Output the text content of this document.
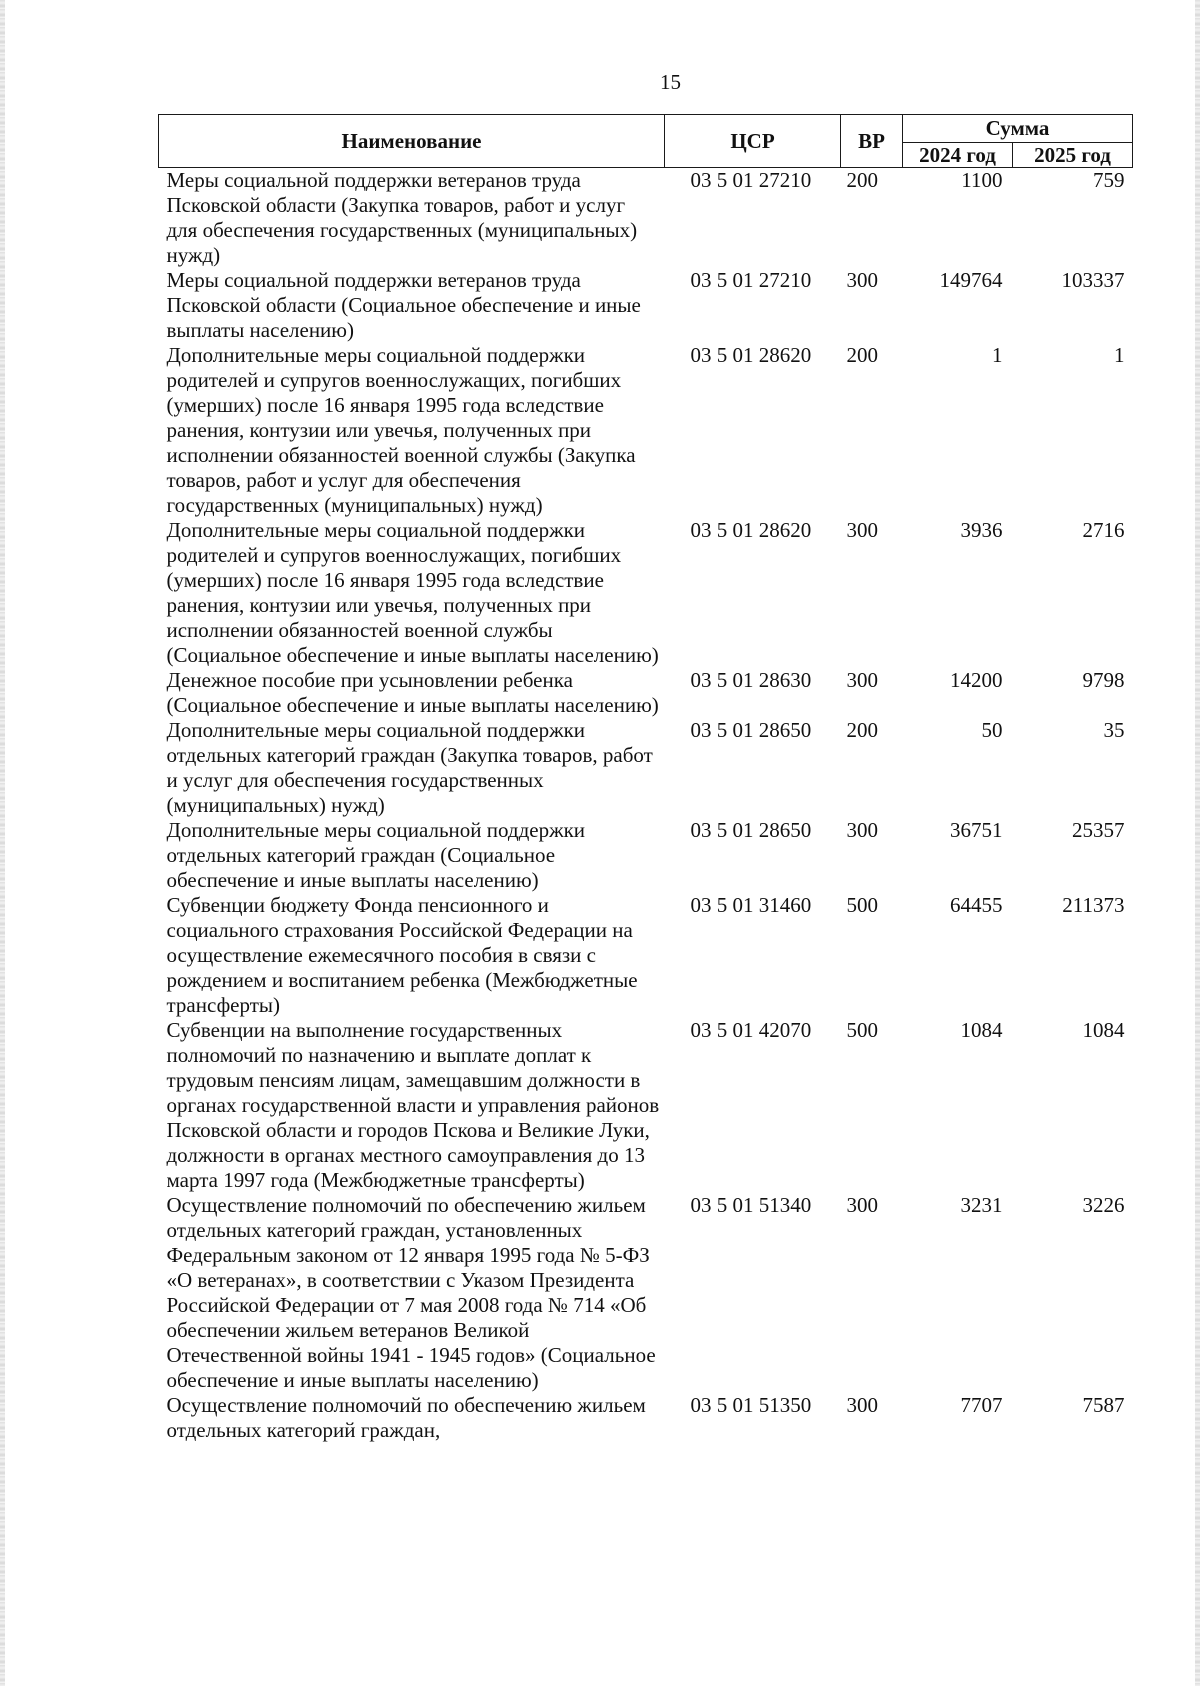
15
Наименование	ЦСР	ВР	Сумма	
			2024 год	2025 год
Меры социальной поддержки ветеранов труда Псковской области (Закупка товаров, работ и услуг для обеспечения государственных (муниципальных) нужд)	03 5 01 27210	200	1100	759
Меры социальной поддержки ветеранов труда Псковской области (Социальное обеспечение и иные выплаты населению)	03 5 01 27210	300	149764	103337
Дополнительные меры социальной поддержки родителей и супругов военнослужащих, погибших (умерших) после 16 января 1995 года вследствие ранения, контузии или увечья, полученных при исполнении обязанностей военной службы (Закупка товаров, работ и услуг для обеспечения государственных (муниципальных) нужд)	03 5 01 28620	200	1	1
Дополнительные меры социальной поддержки родителей и супругов военнослужащих, погибших (умерших) после 16 января 1995 года вследствие ранения, контузии или увечья, полученных при исполнении обязанностей военной службы (Социальное обеспечение и иные выплаты населению)	03 5 01 28620	300	3936	2716
Денежное пособие при усыновлении ребенка (Социальное обеспечение и иные выплаты населению)	03 5 01 28630	300	14200	9798
Дополнительные меры социальной поддержки отдельных категорий граждан (Закупка товаров, работ и услуг для обеспечения государственных (муниципальных) нужд)	03 5 01 28650	200	50	35
Дополнительные меры социальной поддержки отдельных категорий граждан (Социальное обеспечение и иные выплаты населению)	03 5 01 28650	300	36751	25357
Субвенции бюджету Фонда пенсионного и социального страхования Российской Федерации на осуществление ежемесячного пособия в связи с рождением и воспитанием ребенка (Межбюджетные трансферты)	03 5 01 31460	500	64455	211373
Субвенции на выполнение государственных полномочий по назначению и выплате доплат к трудовым пенсиям лицам, замещавшим должности в органах государственной власти и управления районов Псковской области и городов Пскова и Великие Луки, должности в органах местного самоуправления до 13 марта 1997 года (Межбюджетные трансферты)	03 5 01 42070	500	1084	1084
Осуществление полномочий по обеспечению жильем отдельных категорий граждан, установленных Федеральным законом от 12 января 1995 года № 5-ФЗ «О ветеранах», в соответствии с Указом Президента Российской Федерации от 7 мая 2008 года № 714 «Об обеспечении жильем ветеранов Великой Отечественной войны 1941 - 1945 годов» (Социальное обеспечение и иные выплаты населению)	03 5 01 51340	300	3231	3226
Осуществление полномочий по обеспечению жильем отдельных категорий граждан,	03 5 01 51350	300	7707	7587
